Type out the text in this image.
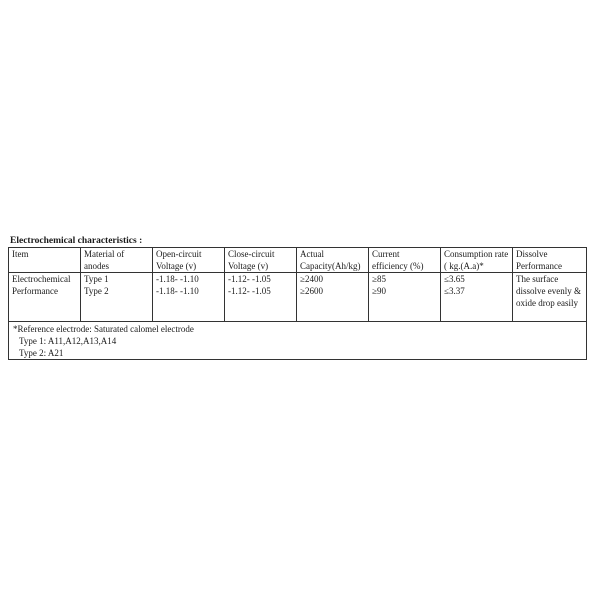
Electrochemical characteristics :
Item	Material of anodes	Open-circuit Voltage (v)	Close-circuit Voltage (v)	Actual Capacity(Ah/kg)	Current efficiency (%)	Consumption rate ( kg.(A.a)*	Dissolve Performance
Electrochemical Performance	Type 1	-1.18- -1.10	-1.12- -1.05	≥2400	≥85	≤3.65	The surface dissolve evenly & oxide drop easily
	Type 2	-1.18- -1.10	-1.12- -1.05	≥2600	≥90	≤3.37	

*Reference electrode: Saturated calomel electrode
Type 1: A11,A12,A13,A14
Type 2: A21							
